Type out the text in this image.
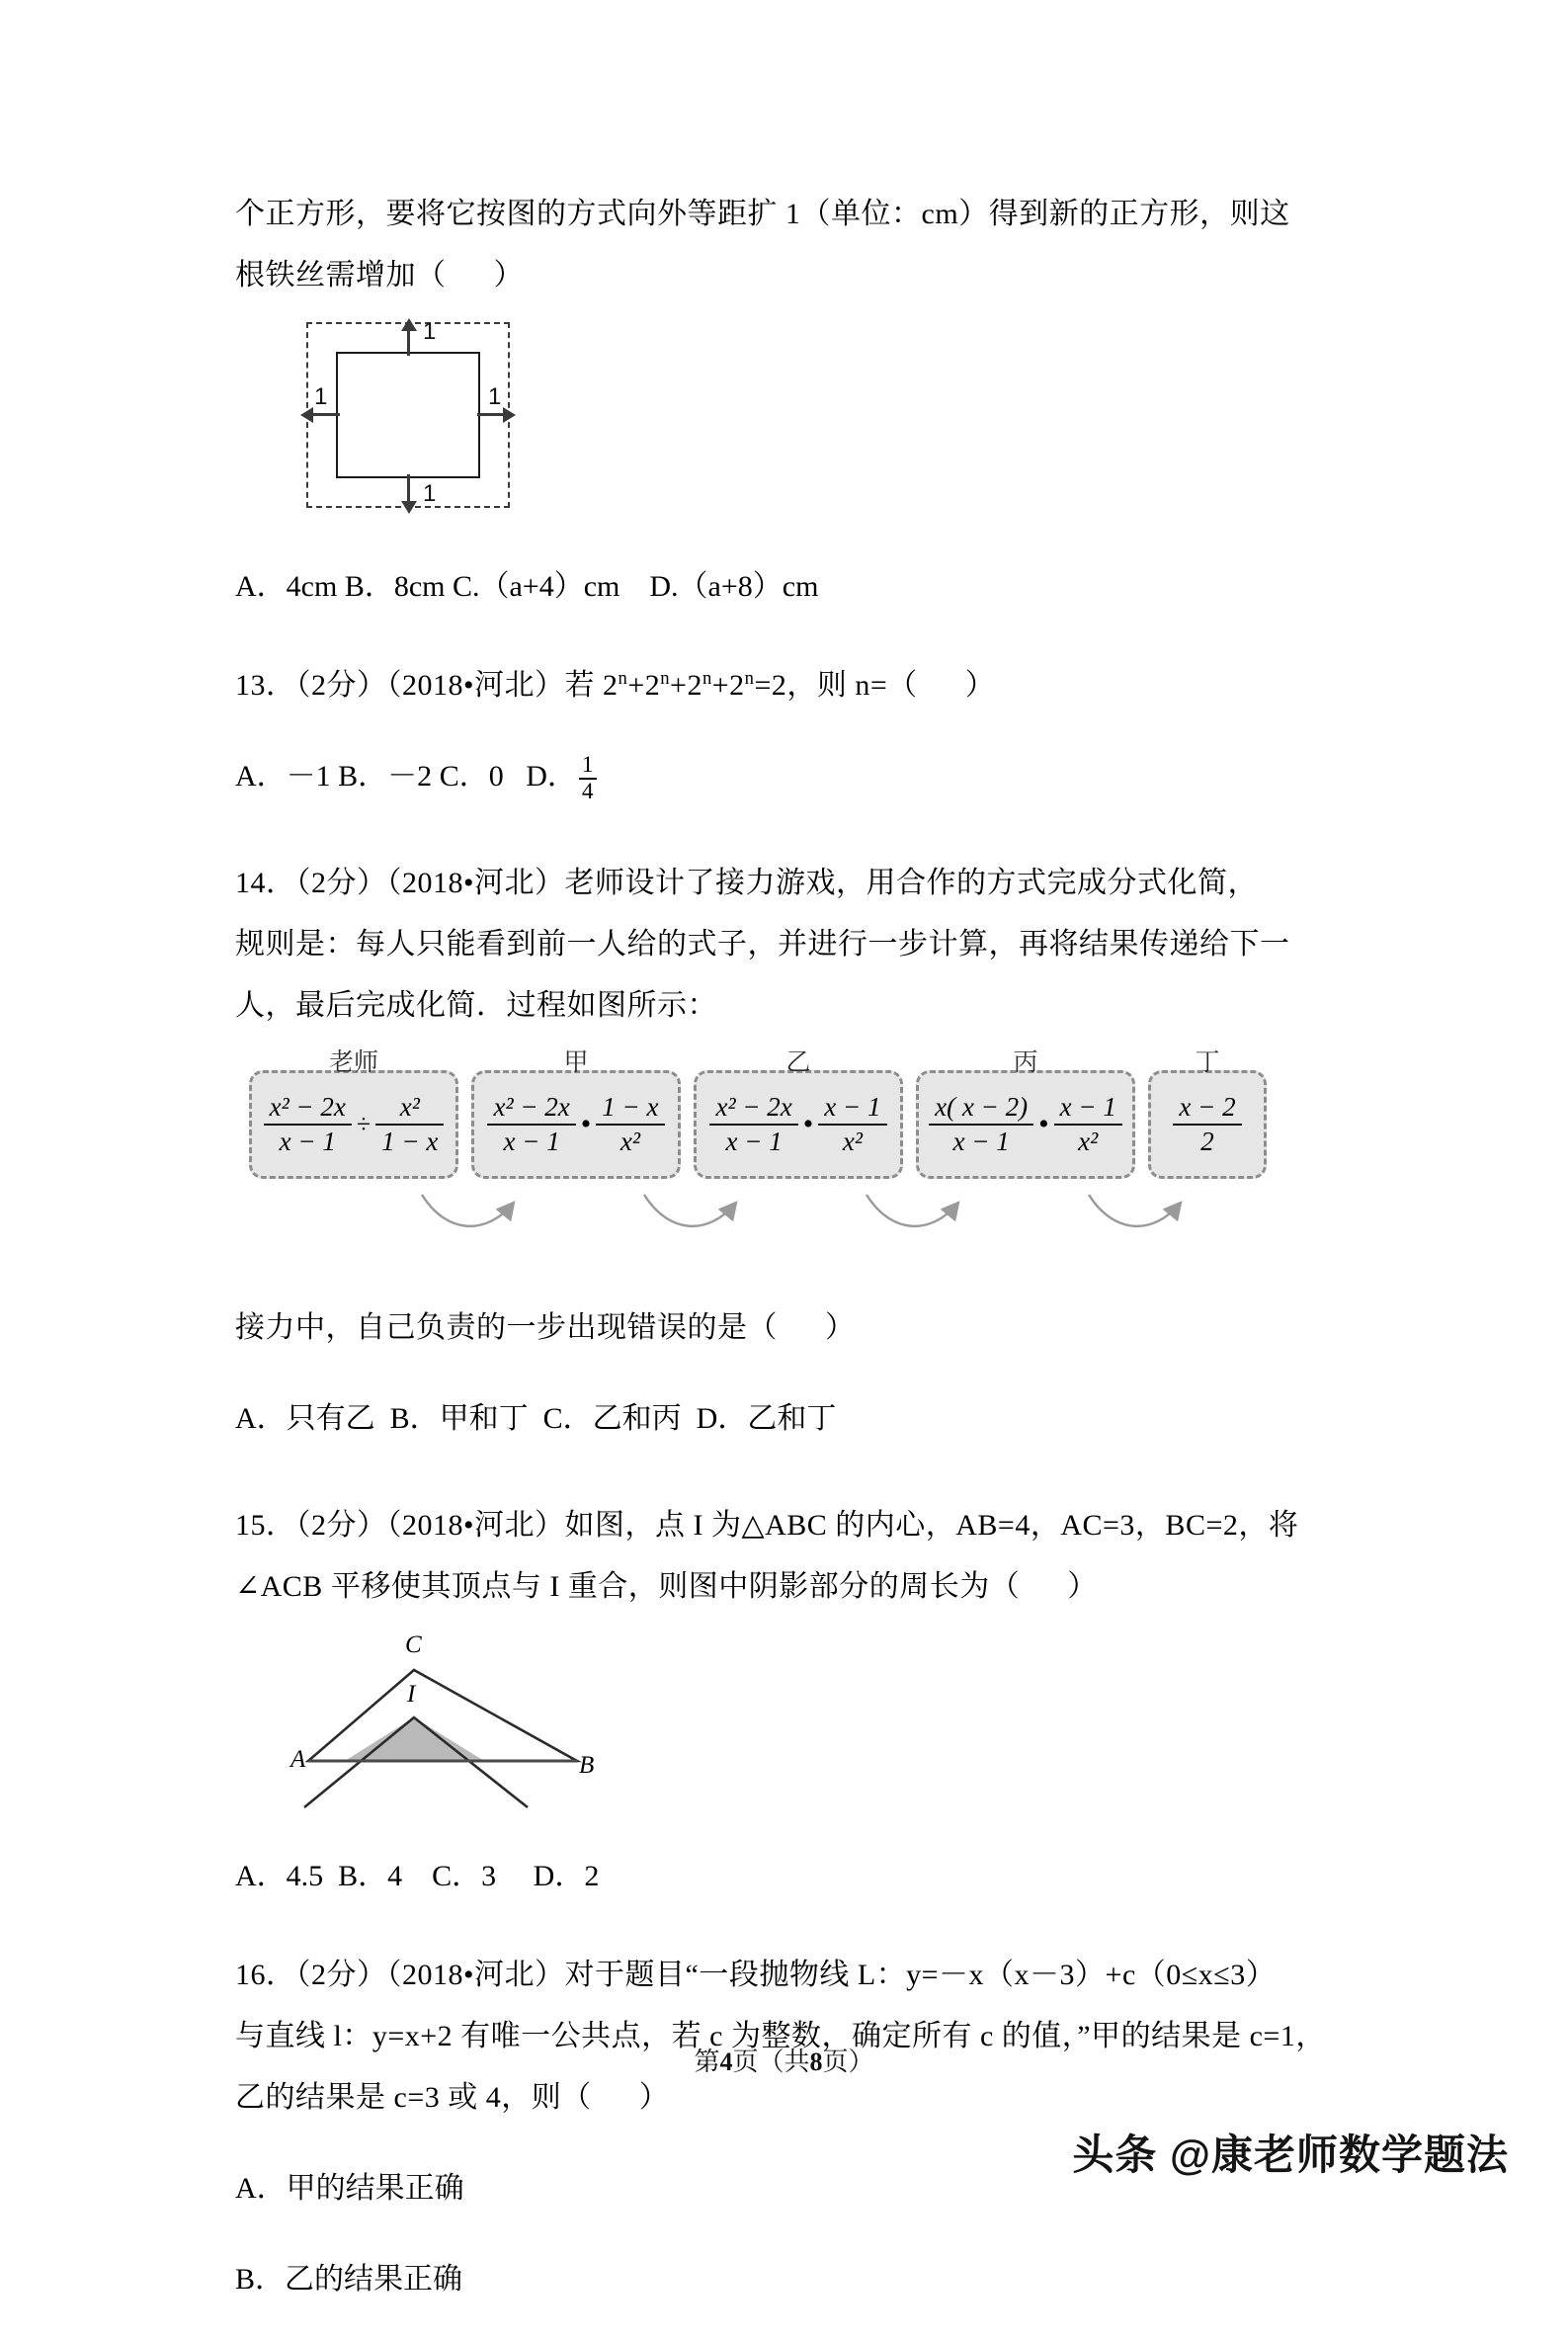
个正方形，要将它按图的方式向外等距扩 1（单位：cm）得到新的正方形，则这

根铁丝需增加（      ）

1
1
1	1

A．4cm B．8cm C.（a+4）cm    D.（a+8）cm

13．（2分）（2018•河北）若 $2^n+2^n+2^n+2^n=2$，则 n=（      ）

A．－1 B．－2 C．0 D． $\frac{1}{4}$

14．（2分）（2018•河北）老师设计了接力游戏，用合作的方式完成分式化简，

规则是：每人只能看到前一人给的式子，并进行一步计算，再将结果传递给下一

人，最后完成化简．过程如图所示：

老师
$\frac{\text{x² − 2x}}{x - 1} \div \frac{\text{x²}}{1 - x}$
甲
$\frac{\text{x² − 2x}}{x - 1}$ • $\frac{1 - x}{\text{x²}}$
乙
$\frac{\text{x² − 2x}}{x - 1}$ • $\frac{x - 1}{\text{x²}}$
丙
$\frac{x( x - 2)}{x - 1}$ • $\frac{x - 1}{\text{x²}}$
丁
$\frac{x - 2}{2}$

接力中，自己负责的一步出现错误的是（      ）

A．只有乙  B．甲和丁  C．乙和丙  D．乙和丁

15．（2分）（2018•河北）如图，点 I 为△ABC 的内心，AB=4，AC=3，BC=2，将

∠ACB 平移使其顶点与 I 重合，则图中阴影部分的周长为（      ）

C
I
A	B

A．4.5  B．4    C．3     D．2

16．（2分）（2018•河北）对于题目“一段抛物线 L：y=－x（x－3）+c（0≤x≤3）

与直线 l：y=x+2 有唯一公共点，若 c 为整数，确定所有 c 的值，”甲的结果是 c=1，

乙的结果是 c=3 或 4，则（      ）

A．甲的结果正确

B．乙的结果正确

第4页（共8页）
头条 @康老师数学题法
